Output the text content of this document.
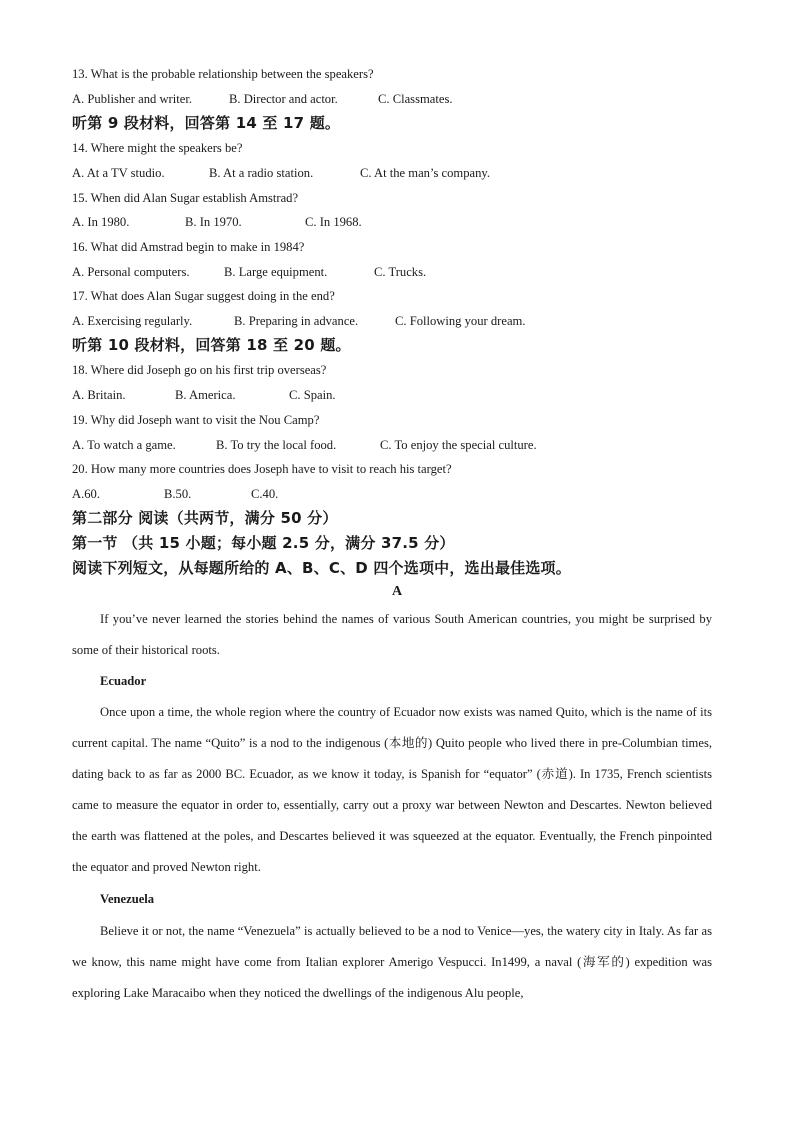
13. What is the probable relationship between the speakers?
A. Publisher and writer.	B. Director and actor.	C. Classmates.
听第 9 段材料，回答第 14 至 17 题。
14. Where might the speakers be?
A. At a TV studio.	B. At a radio station.	C. At the man’s company.
15. When did Alan Sugar establish Amstrad?
A. In 1980.	B. In 1970.	C. In 1968.
16. What did Amstrad begin to make in 1984?
A. Personal computers.	B. Large equipment.	C. Trucks.
17. What does Alan Sugar suggest doing in the end?
A. Exercising regularly.	B. Preparing in advance.	C. Following your dream.
听第 10 段材料，回答第 18 至 20 题。
18. Where did Joseph go on his first trip overseas?
A. Britain.	B. America.	C. Spain.
19. Why did Joseph want to visit the Nou Camp?
A. To watch a game.	B. To try the local food.	C. To enjoy the special culture.
20. How many more countries does Joseph have to visit to reach his target?
A.60.	B.50.	C.40.
第二部分 阅读（共两节，满分 50 分）
第一节 （共 15 小题；每小题 2.5 分，满分 37.5 分）
阅读下列短文，从每题所给的 A、B、C、D 四个选项中，选出最佳选项。
A

If you’ve never learned the stories behind the names of various South American countries, you might be surprised by some of their historical roots.

Ecuador

Once upon a time, the whole region where the country of Ecuador now exists was named Quito, which is the name of its current capital. The name “Quito” is a nod to the indigenous (本地的) Quito people who lived there in pre-Columbian times, dating back to as far as 2000 BC. Ecuador, as we know it today, is Spanish for “equator” (赤道). In 1735, French scientists came to measure the equator in order to, essentially, carry out a proxy war between Newton and Descartes. Newton believed the earth was flattened at the poles, and Descartes believed it was squeezed at the equator. Eventually, the French pinpointed the equator and proved Newton right.

Venezuela

Believe it or not, the name “Venezuela” is actually believed to be a nod to Venice—yes, the watery city in Italy. As far as we know, this name might have come from Italian explorer Amerigo Vespucci. In1499, a naval (海军的) expedition was exploring Lake Maracaibo when they noticed the dwellings of the indigenous Alu people,
